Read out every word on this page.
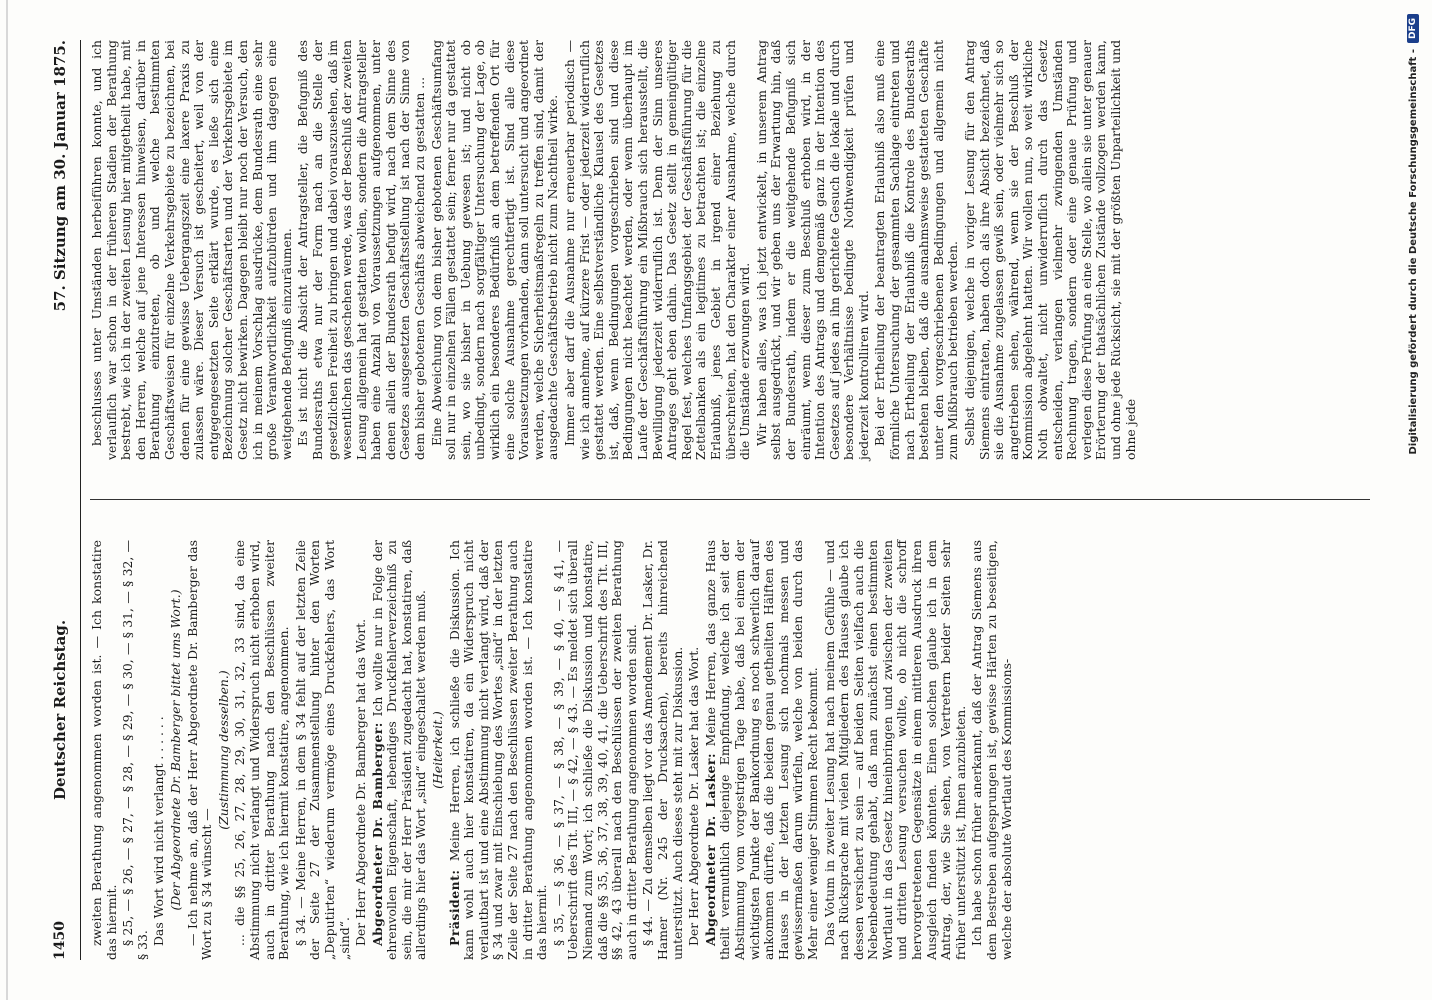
1450
Deutscher Reichstag.
57. Sitzung am 30. Januar 1875.

zweiten Berathung angenommen worden ist. — Ich konstatire das hiermit. § 25, — § 26, — § 27, — § 28, — § 29, — § 30, — § 31, — § 32, — § 33. Das Wort wird nicht verlangt . . . . . . (Der Abgeordnete Dr. Bamberger bittet ums Wort.) — Ich nehme an, daß der Herr Abgeordnete Dr. Bamberger das Wort zu § 34 wünscht —

(Zustimmung desselben.) ... die §§ 25, 26, 27, 28, 29, 30, 31, 32, 33 sind, da eine Abstimmung nicht verlangt und Widerspruch nicht erhoben wird, auch in dritter Berathung nach den Beschlüssen zweiter Berathung, wie ich hiermit konstatire, angenommen. § 34. — Meine Herren, in dem § 34 fehlt auf der letzten Zeile der Seite 27 der Zusammenstellung hinter den Worten „Deputirten“ wiederum vermöge eines Druckfehlers, das Wort „sind“. Der Herr Abgeordnete Dr. Bamberger hat das Wort. Abgeordneter Dr. Bamberger: Ich wollte nur in Folge der ehrenvollen Eigenschaft, lebendiges Druckfehlerverzeichniß zu sein, die mir der Herr Präsident zugedacht hat, konstatiren, daß allerdings hier das Wort „sind“ eingeschaltet werden muß. (Heiterkeit.)

Präsident: Meine Herren, ich schließe die Diskussion. Ich kann wohl auch hier konstatiren, da ein Widerspruch nicht verlautbart ist und eine Abstimmung nicht verlangt wird, daß der § 34 und zwar mit Einschiebung des Wortes „sind“ in der letzten Zeile der Seite 27 nach den Beschlüssen zweiter Berathung auch in dritter Berathung angenommen worden ist. — Ich konstatire das hiermit. § 35, — § 36, — § 37, — § 38, — § 39, — § 40, — § 41, — Ueberschrift des Tit. III, — § 42, — § 43. — Es meldet sich überall Niemand zum Wort; ich schließe die Diskussion und konstatire, daß die §§ 35, 36, 37, 38, 39, 40, 41, die Ueberschrift des Tit. III, §§ 42, 43 überall nach den Beschlüssen der zweiten Berathung auch in dritter Berathung angenommen worden sind. § 44. — Zu demselben liegt vor das Amendement Dr. Lasker, Dr. Hamer (Nr. 245 der Drucksachen), bereits hinreichend unterstützt. Auch dieses steht mit zur Diskussion. Der Herr Abgeordnete Dr. Lasker hat das Wort. Abgeordneter Dr. Lasker: Meine Herren, das ganze Haus theilt vermuthlich diejenige Empfindung, welche ich seit der Abstimmung vom vorgestrigen Tage habe, daß bei einem der wichtigsten Punkte der Bankordnung es noch schwerlich darauf ankommen dürfte, daß die beiden genau getheilten Hälften des Hauses in der letzten Lesung sich nochmals messen und gewissermaßen darum würfeln, welche von beiden durch das Mehr einer weniger Stimmen Recht bekommt. Das Votum in zweiter Lesung hat nach meinem Gefühle — und nach Rücksprache mit vielen Mitgliedern des Hauses glaube ich dessen versichert zu sein — auf beiden Seiten vielfach auch die Nebenbedeutung gehabt, daß man zunächst einen bestimmten Wortlaut in das Gesetz hineinbringen und zwischen der zweiten und dritten Lesung versuchen wollte, ob nicht die schroff hervorgetretenen Gegensätze in einem mittleren Ausdruck ihren Ausgleich finden könnten. Einen solchen glaube ich in dem Antrag, der, wie Sie sehen, von Vertretern beider Seiten sehr früher unterstützt ist, Ihnen anzubieten. Ich habe schon früher anerkannt, daß der Antrag Siemens aus dem Bestreben aufgesprungen ist, gewisse Härten zu beseitigen, welche der absolute Wortlaut des Kommissions-

beschlusses unter Umständen herbeiführen konnte, und ich verlauflich war schon in der früheren Stadien der Berathung bestrebt, wie ich in der zweiten Lesung hier mitgetheilt habe, mit den Herren, welche auf jene Interessen hinweisen, darüber in Berathung einzutreten, ob und welche bestimmten Geschäftsweisen für einzelne Verkehrsgebiete zu bezeichnen, bei denen für eine gewisse Uebergangszeit eine laxere Praxis zu zulassen wäre. Dieser Versuch ist gescheitert, weil von der entgegengesetzten Seite erklärt wurde, es ließe sich eine Bezeichnung solcher Geschäftsarten und der Verkehrsgebiete im Gesetz nicht bewirken. Dagegen bleibt nur noch der Versuch, den ich in meinem Vorschlag ausdrücke, dem Bundesrath eine sehr große Verantwortlichkeit aufzubürden und ihm dagegen eine weitgehende Befugniß einzuräumen. Es ist nicht die Absicht der Antragsteller, die Befugniß des Bundesraths etwa nur der Form nach an die Stelle der gesetzlichen Freiheit zu bringen und dabei vorauszusehen, daß im wesentlichen das geschehen werde, was der Beschluß der zweiten Lesung allgemein hat gestatten wollen, sondern die Antragsteller haben eine Anzahl von Voraussetzungen aufgenommen, unter denen allein der Bundesrath befugt wird, nach dem Sinne des Gesetzes ausgesetzten Geschäftsstellung ist nach der Sinne von dem bisher gebotenen Geschäfts abweichend zu gestatten ... Eine Abweichung von dem bisher gebotenen Geschäftsumfang soll nur in einzelnen Fällen gestattet sein; ferner nur da gestattet sein, wo sie bisher in Uebung gewesen ist; und nicht ob unbedingt, sondern nach sorgfältiger Untersuchung der Lage, ob wirklich ein besonderes Bedürfniß an dem betreffenden Ort für eine solche Ausnahme gerechtfertigt ist. Sind alle diese Voraussetzungen vorhanden, dann soll untersucht und angeordnet werden, welche Sicherheitsmaßregeln zu treffen sind, damit der ausgedachte Geschäftsbetrieb nicht zum Nachtheil wirke. Immer aber darf die Ausnahme nur erneuerbar periodisch — wie ich annehme, auf kürzere Frist — oder jederzeit widerruflich gestattet werden. Eine selbstverständliche Klausel des Gesetzes ist, daß, wenn Bedingungen vorgeschrieben sind und diese Bedingungen nicht beachtet werden, oder wenn überhaupt im Laufe der Geschäftsführung ein Mißbrauch sich herausstellt, die Bewilligung jederzeit widerruflich ist. Denn der Sinn unseres Antrages geht eben dahin. Das Gesetz stellt in gemeingültiger Regel fest, welches Umfangsgebiet der Geschäftsführung für die Zettelbanken als ein legitimes zu betrachten ist; die einzelne Erlaubniß, jenes Gebiet in irgend einer Beziehung zu überschreiten, hat den Charakter einer Ausnahme, welche durch die Umstände erzwungen wird. Wir haben alles, was ich jetzt entwickelt, in unserem Antrag selbst ausgedrückt, und wir geben uns der Erwartung hin, daß der Bundesrath, indem er die weitgehende Befugniß sich einräumt, wenn dieser zum Beschluß erhoben wird, in der Intention des Antrags und demgemäß ganz in der Intention des Gesetzes auf jedes an ihn gerichtete Gesuch die lokale und durch besondere Verhältnisse bedingte Nothwendigkeit prüfen und jederzeit kontrolliren wird. Bei der Ertheilung der beantragten Erlaubniß also muß eine förmliche Untersuchung der gesammten Sachlage eintreten und nach Ertheilung der Erlaubniß die Kontrole des Bundesraths bestehen bleiben, daß die ausnahmsweise gestatteten Geschäfte unter den vorgeschriebenen Bedingungen und allgemein nicht zum Mißbrauch betrieben werden. Selbst diejenigen, welche in voriger Lesung für den Antrag Siemens eintraten, haben doch als ihre Absicht bezeichnet, daß sie die Ausnahme zugelassen gewiß sein, oder vielmehr sich so angetrieben sehen, während, wenn sie der Beschluß der Kommission abgelehnt hatten. Wir wollen nun, so weit wirkliche Noth obwaltet, nicht unwiderruflich durch das Gesetz entscheiden, verlangen vielmehr zwingenden Umständen Rechnung tragen, sondern oder eine genaue Prüfung und verlegen diese Prüfung an eine Stelle, wo allein sie unter genauer Erörterung der thatsächlichen Zustände vollzogen werden kann, und ohne jede Rücksicht, sie mit der größten Unparteilichkeit und ohne jede	Digitalisierung gefördert durch die Deutsche Forschungsgemeinschaft -
DFG
